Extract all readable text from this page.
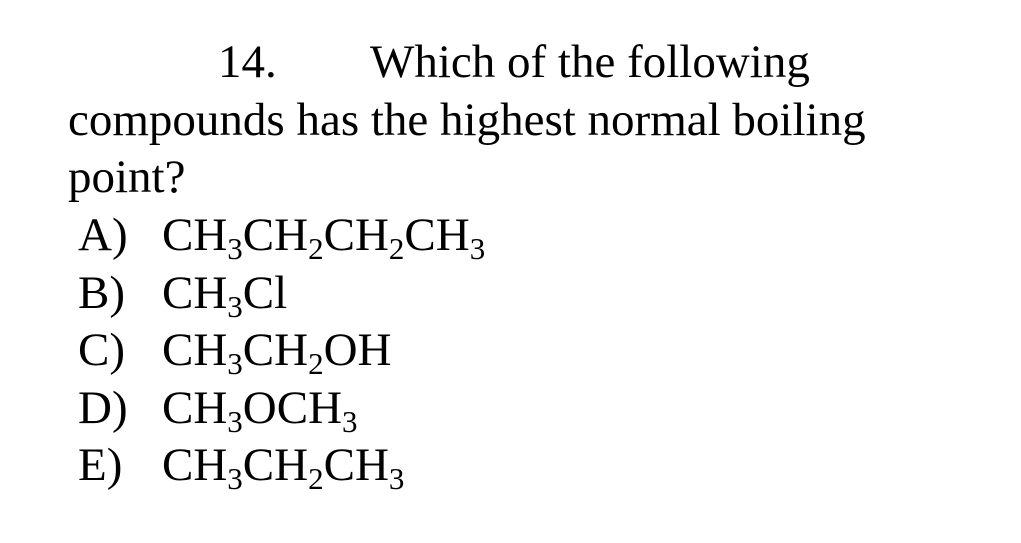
14. Which of the following
compounds has the highest normal boiling
point?
A) $CH_3CH_2CH_2CH_3$
B) $CH_3Cl$
C) $CH_3CH_2OH$
D) $CH_3OCH_3$
E) $CH_3CH_2CH_3$
